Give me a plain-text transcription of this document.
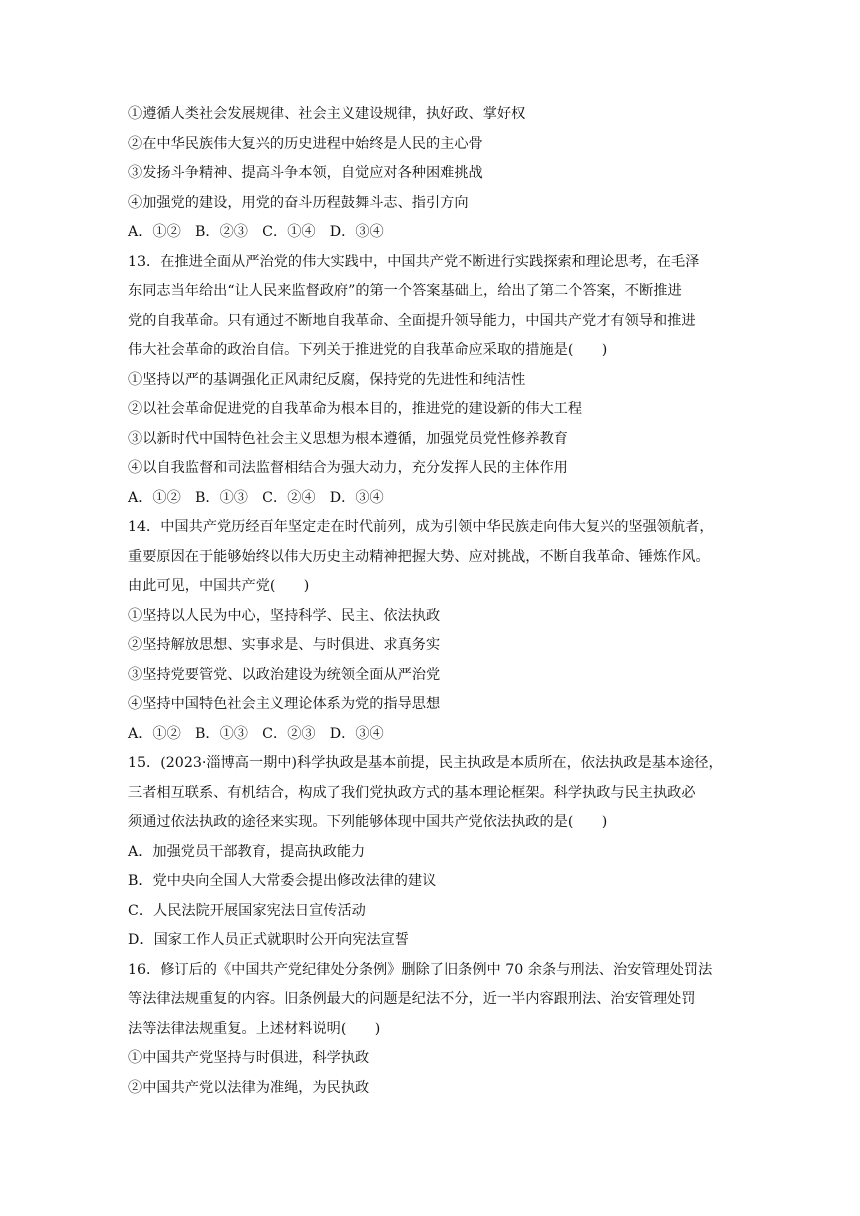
①遵循人类社会发展规律、社会主义建设规律，执好政、掌好权
②在中华民族伟大复兴的历史进程中始终是人民的主心骨
③发扬斗争精神、提高斗争本领，自觉应对各种困难挑战
④加强党的建设，用党的奋斗历程鼓舞斗志、指引方向
A．①②　B．②③　C．①④　D．③④
13．在推进全面从严治党的伟大实践中，中国共产党不断进行实践探索和理论思考，在毛泽
东同志当年给出“让人民来监督政府”的第一个答案基础上，给出了第二个答案，不断推进
党的自我革命。只有通过不断地自我革命、全面提升领导能力，中国共产党才有领导和推进
伟大社会革命的政治自信。下列关于推进党的自我革命应采取的措施是(　　)
①坚持以严的基调强化正风肃纪反腐，保持党的先进性和纯洁性
②以社会革命促进党的自我革命为根本目的，推进党的建设新的伟大工程
③以新时代中国特色社会主义思想为根本遵循，加强党员党性修养教育
④以自我监督和司法监督相结合为强大动力，充分发挥人民的主体作用
A．①②　B．①③　C．②④　D．③④
14．中国共产党历经百年坚定走在时代前列，成为引领中华民族走向伟大复兴的坚强领航者，
重要原因在于能够始终以伟大历史主动精神把握大势、应对挑战，不断自我革命、锤炼作风。
由此可见，中国共产党(　　)
①坚持以人民为中心，坚持科学、民主、依法执政
②坚持解放思想、实事求是、与时俱进、求真务实
③坚持党要管党、以政治建设为统领全面从严治党
④坚持中国特色社会主义理论体系为党的指导思想
A．①②　B．①③　C．②③　D．③④
15．(2023·淄博高一期中)科学执政是基本前提，民主执政是本质所在，依法执政是基本途径，
三者相互联系、有机结合，构成了我们党执政方式的基本理论框架。科学执政与民主执政必
须通过依法执政的途径来实现。下列能够体现中国共产党依法执政的是(　　)
A．加强党员干部教育，提高执政能力
B．党中央向全国人大常委会提出修改法律的建议
C．人民法院开展国家宪法日宣传活动
D．国家工作人员正式就职时公开向宪法宣誓
16．修订后的《中国共产党纪律处分条例》删除了旧条例中 70 余条与刑法、治安管理处罚法
等法律法规重复的内容。旧条例最大的问题是纪法不分，近一半内容跟刑法、治安管理处罚
法等法律法规重复。上述材料说明(　　)
①中国共产党坚持与时俱进，科学执政
②中国共产党以法律为准绳，为民执政
